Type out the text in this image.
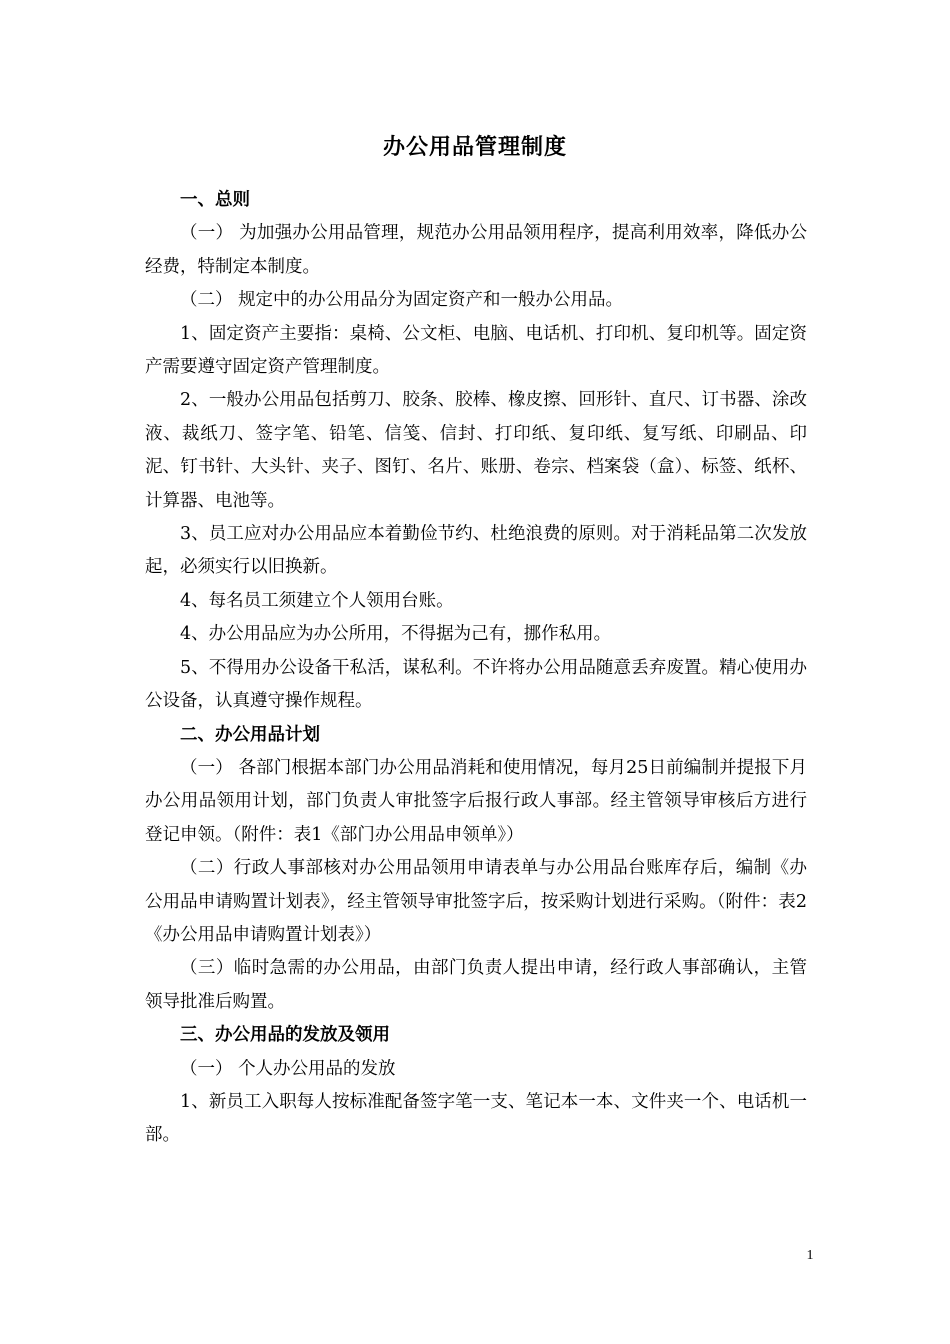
办公用品管理制度

一、总则

（一） 为加强办公用品管理，规范办公用品领用程序，提高利用效率，降低办公经费，特制定本制度。

（二） 规定中的办公用品分为固定资产和一般办公用品。

1、固定资产主要指：桌椅、公文柜、电脑、电话机、打印机、复印机等。固定资产需要遵守固定资产管理制度。

2、一般办公用品包括剪刀、胶条、胶棒、橡皮擦、回形针、直尺、订书器、涂改液、裁纸刀、签字笔、铅笔、信笺、信封、打印纸、复印纸、复写纸、印刷品、印泥、钉书针、大头针、夹子、图钉、名片、账册、卷宗、档案袋（盒）、标签、纸杯、计算器、电池等。

3、员工应对办公用品应本着勤俭节约、杜绝浪费的原则。对于消耗品第二次发放起，必须实行以旧换新。

4、每名员工须建立个人领用台账。

4、办公用品应为办公所用，不得据为己有，挪作私用。

5、不得用办公设备干私活，谋私利。不许将办公用品随意丢弃废置。精心使用办公设备，认真遵守操作规程。

二、办公用品计划

（一） 各部门根据本部门办公用品消耗和使用情况，每月25日前编制并提报下月办公用品领用计划，部门负责人审批签字后报行政人事部。经主管领导审核后方进行登记申领。（附件：表1《部门办公用品申领单》）

（二）行政人事部核对办公用品领用申请表单与办公用品台账库存后，编制《办公用品申请购置计划表》，经主管领导审批签字后，按采购计划进行采购。（附件：表2《办公用品申请购置计划表》）

（三）临时急需的办公用品，由部门负责人提出申请，经行政人事部确认，主管领导批准后购置。

三、办公用品的发放及领用

（一） 个人办公用品的发放

1、新员工入职每人按标准配备签字笔一支、笔记本一本、文件夹一个、电话机一部。

1
